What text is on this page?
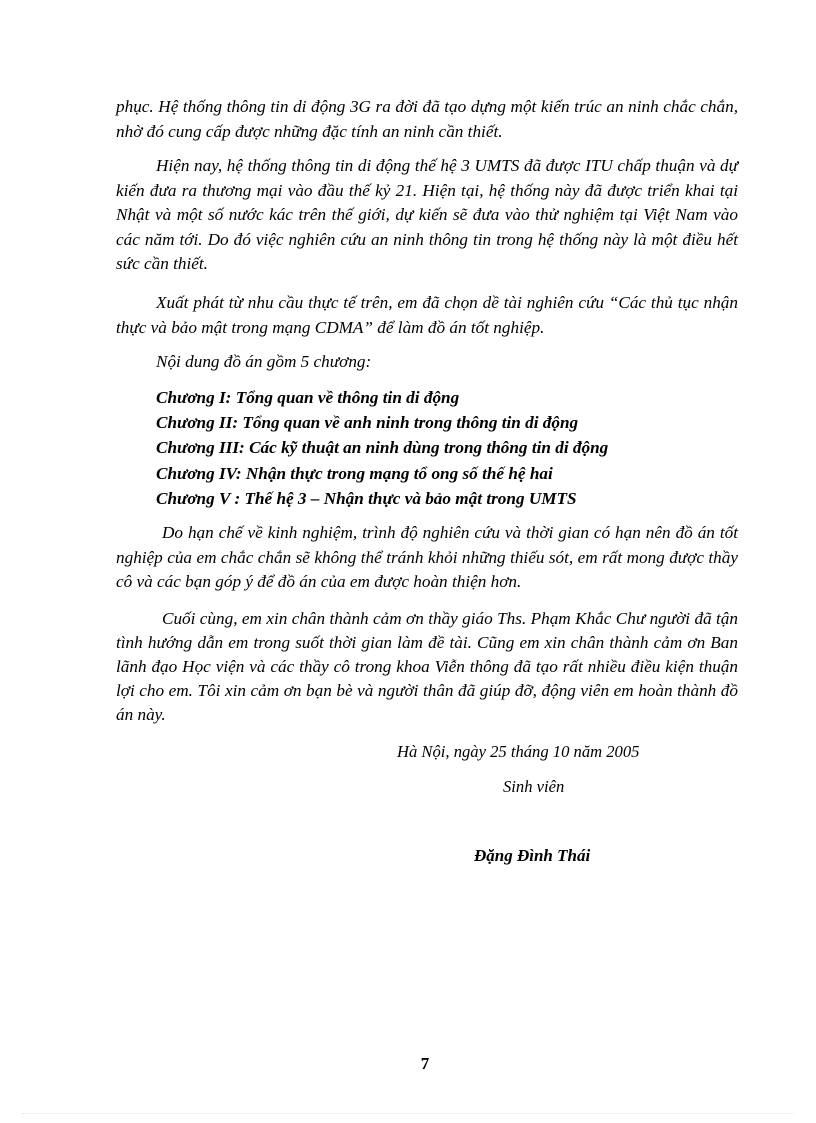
phục. Hệ thống thông tin di động 3G ra đời đã tạo dựng một kiến trúc an ninh chắc chắn, nhờ đó cung cấp được những đặc tính an ninh cần thiết.

Hiện nay, hệ thống thông tin di động thế hệ 3 UMTS đã được ITU chấp thuận và dự kiến đưa ra thương mại vào đầu thế kỷ 21. Hiện tại, hệ thống này đã được triển khai tại Nhật và một số nước kác trên thế giới, dự kiến sẽ đưa vào thử nghiệm tại Việt Nam vào các năm tới. Do đó việc nghiên cứu an ninh thông tin trong hệ thống này là một điều hết sức cần thiết.

Xuất phát từ nhu cầu thực tế trên, em đã chọn dề tài nghiên cứu “Các thủ tục nhận thực và bảo mật trong mạng CDMA” để làm đồ án tốt nghiệp.

Nội dung đồ án gồm 5 chương:

Chương I: Tổng quan về thông tin di động
Chương II: Tổng quan về anh ninh trong thông tin di động
Chương III: Các kỹ thuật an ninh dùng trong thông tin di động
Chương IV: Nhận thực trong mạng tổ ong số thế hệ hai
Chương V : Thế hệ 3 – Nhận thực và bảo mật trong UMTS

Do hạn chế về kinh nghiệm, trình độ nghiên cứu và thời gian có hạn nên đồ án tốt nghiệp của em chắc chắn sẽ không thể tránh khỏi những thiếu sót, em rất mong được thầy cô và các bạn góp ý để đồ án của em được hoàn thiện hơn.

Cuối cùng, em xin chân thành cảm ơn thầy giáo Ths. Phạm Khắc Chư người đã tận tình hướng dẫn em trong suốt thời gian làm đề tài. Cũng em xin chân thành cảm ơn Ban lãnh đạo Học viện và các thầy cô trong khoa Viễn thông đã tạo rất nhiều điều kiện thuận lợi cho em. Tôi xin cảm ơn bạn bè và người thân đã giúp đỡ, động viên em hoàn thành đồ án này.

Hà Nội, ngày 25 tháng 10 năm 2005
Sinh viên
Đặng Đình Thái
7
